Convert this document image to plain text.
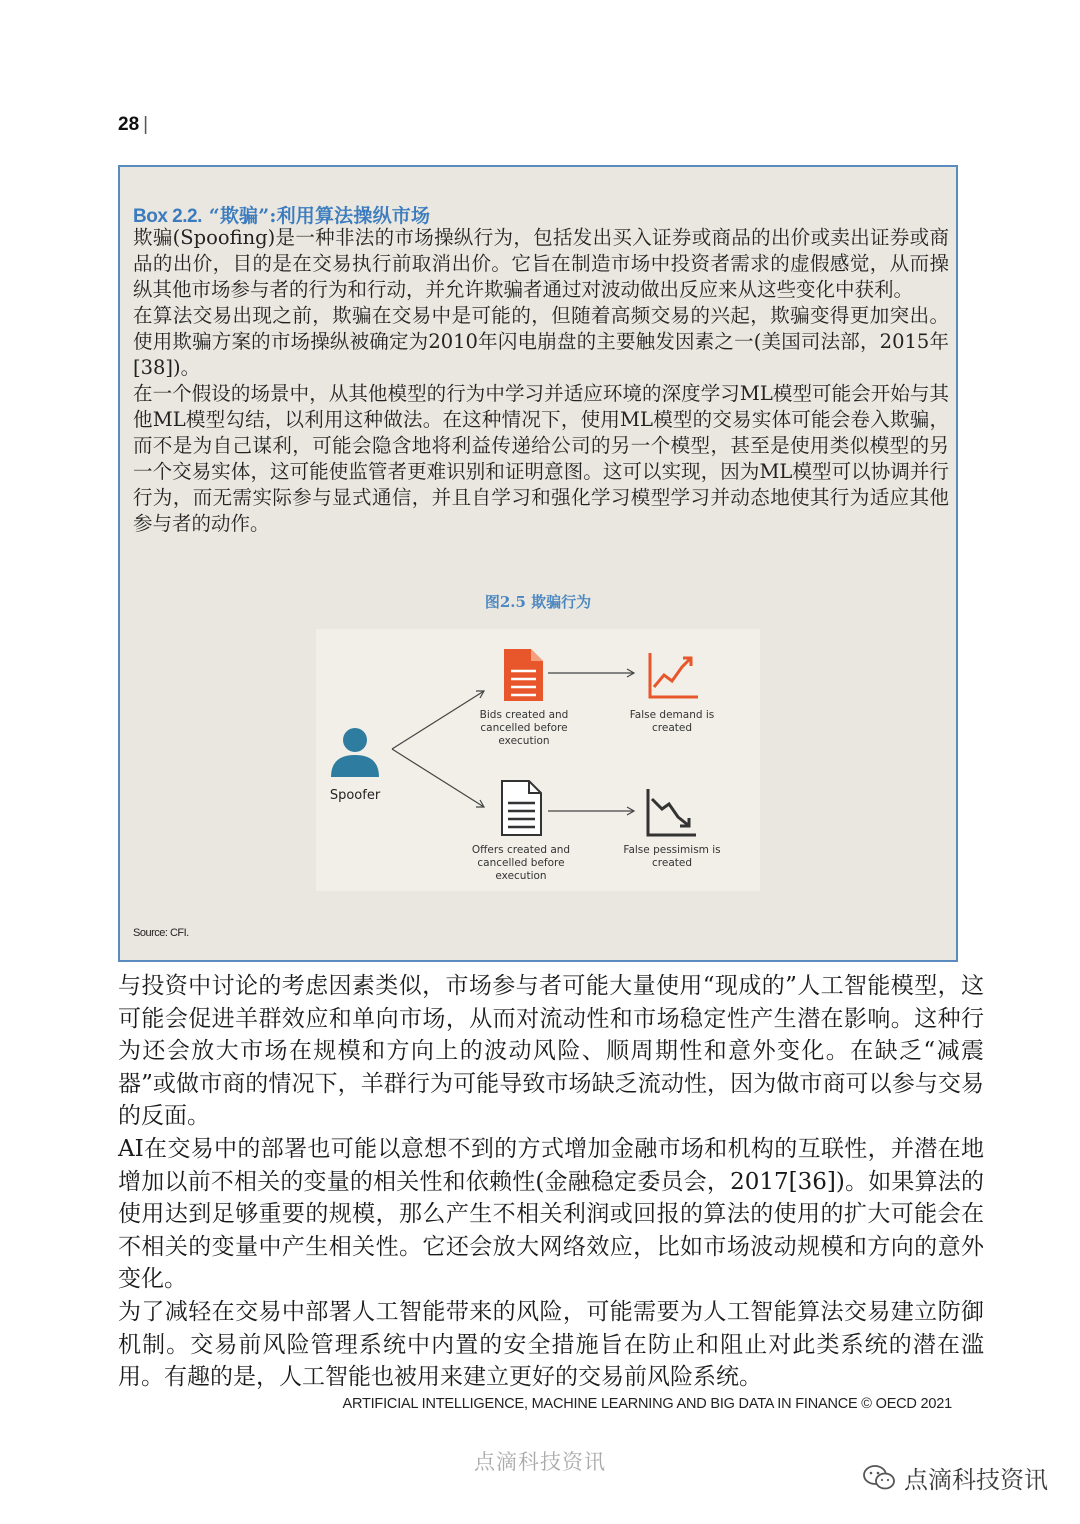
28 |
Box 2.2. “欺骗”:利用算法操纵市场

欺骗(Spoofing)是一种非法的市场操纵行为，包括发出买入证券或商品的出价或卖出证券或商品的出价，目的是在交易执行前取消出价。它旨在制造市场中投资者需求的虚假感觉，从而操纵其他市场参与者的行为和行动，并允许欺骗者通过对波动做出反应来从这些变化中获利。

在算法交易出现之前，欺骗在交易中是可能的，但随着高频交易的兴起，欺骗变得更加突出。使用欺骗方案的市场操纵被确定为2010年闪电崩盘的主要触发因素之一(美国司法部，2015年[38])。

在一个假设的场景中，从其他模型的行为中学习并适应环境的深度学习ML模型可能会开始与其他ML模型勾结，以利用这种做法。在这种情况下，使用ML模型的交易实体可能会卷入欺骗，而不是为自己谋利，可能会隐含地将利益传递给公司的另一个模型，甚至是使用类似模型的另一个交易实体，这可能使监管者更难识别和证明意图。这可以实现，因为ML模型可以协调并行行为，而无需实际参与显式通信，并且自学习和强化学习模型学习并动态地使其行为适应其他参与者的动作。

图2.5 欺骗行为
Spoofer
Bids created and
cancelled before
execution
Offers created and
cancelled before
execution
False demand is
created
False pessimism is
created
Source: CFI.

与投资中讨论的考虑因素类似，市场参与者可能大量使用“现成的”人工智能模型，这可能会促进羊群效应和单向市场，从而对流动性和市场稳定性产生潜在影响。这种行为还会放大市场在规模和方向上的波动风险、顺周期性和意外变化。在缺乏“减震器”或做市商的情况下，羊群行为可能导致市场缺乏流动性，因为做市商可以参与交易的反面。

AI在交易中的部署也可能以意想不到的方式增加金融市场和机构的互联性，并潜在地增加以前不相关的变量的相关性和依赖性(金融稳定委员会，2017[36])。如果算法的使用达到足够重要的规模，那么产生不相关利润或回报的算法的使用的扩大可能会在不相关的变量中产生相关性。它还会放大网络效应，比如市场波动规模和方向的意外变化。

为了减轻在交易中部署人工智能带来的风险，可能需要为人工智能算法交易建立防御机制。交易前风险管理系统中内置的安全措施旨在防止和阻止对此类系统的潜在滥用。有趣的是，人工智能也被用来建立更好的交易前风险系统。

ARTIFICIAL INTELLIGENCE, MACHINE LEARNING AND BIG DATA IN FINANCE © OECD 2021
点滴科技资讯
点滴科技资讯
